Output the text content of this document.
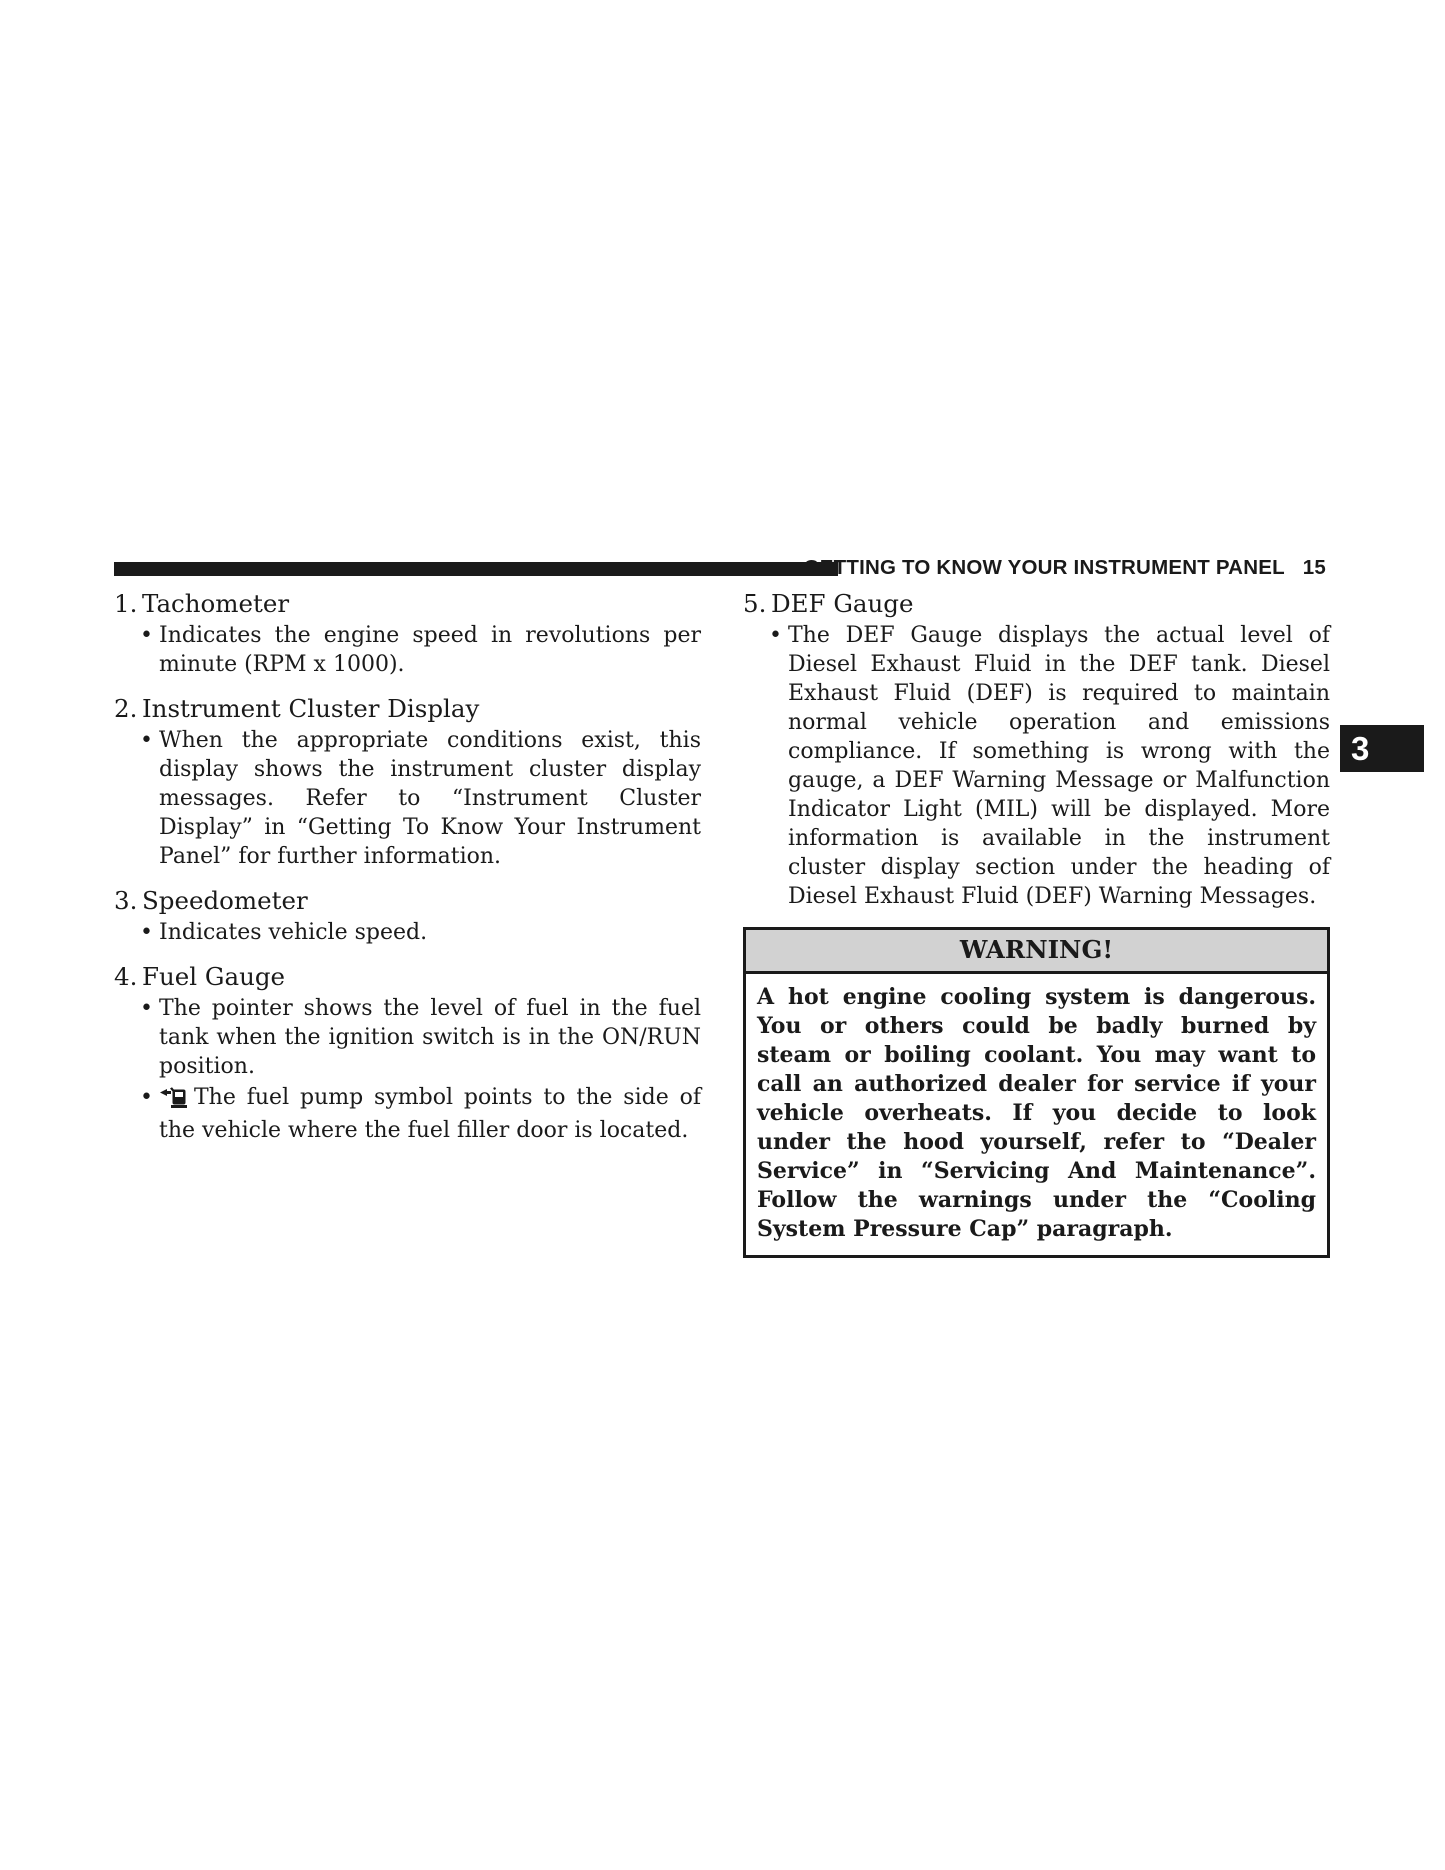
GETTING TO KNOW YOUR INSTRUMENT PANEL 15
1. Tachometer
• Indicates the engine speed in revolutions per minute (RPM x 1000).
2. Instrument Cluster Display
• When the appropriate conditions exist, this display shows the instrument cluster display messages. Refer to “Instrument Cluster Display” in “Getting To Know Your Instrument Panel” for further information.
3. Speedometer
• Indicates vehicle speed.
4. Fuel Gauge
• The pointer shows the level of fuel in the fuel tank when the ignition switch is in the ON/RUN position.
•	The fuel pump symbol points to the side of the vehicle where the fuel filler door is located.
5. DEF Gauge
• The DEF Gauge displays the actual level of Diesel Exhaust Fluid in the DEF tank. Diesel Exhaust Fluid (DEF) is required to maintain normal vehicle operation and emissions compliance. If something is wrong with the gauge, a DEF Warning Message or Malfunction Indicator Light (MIL) will be displayed. More information is available in the instrument cluster display section under the heading of Diesel Exhaust Fluid (DEF) Warning Messages.
WARNING!
A hot engine cooling system is dangerous. You or others could be badly burned by steam or boiling coolant. You may want to call an authorized dealer for service if your vehicle overheats. If you decide to look under the hood yourself, refer to “Dealer Service” in “Servicing And Maintenance”. Follow the warnings under the “Cooling System Pressure Cap” paragraph.
3
